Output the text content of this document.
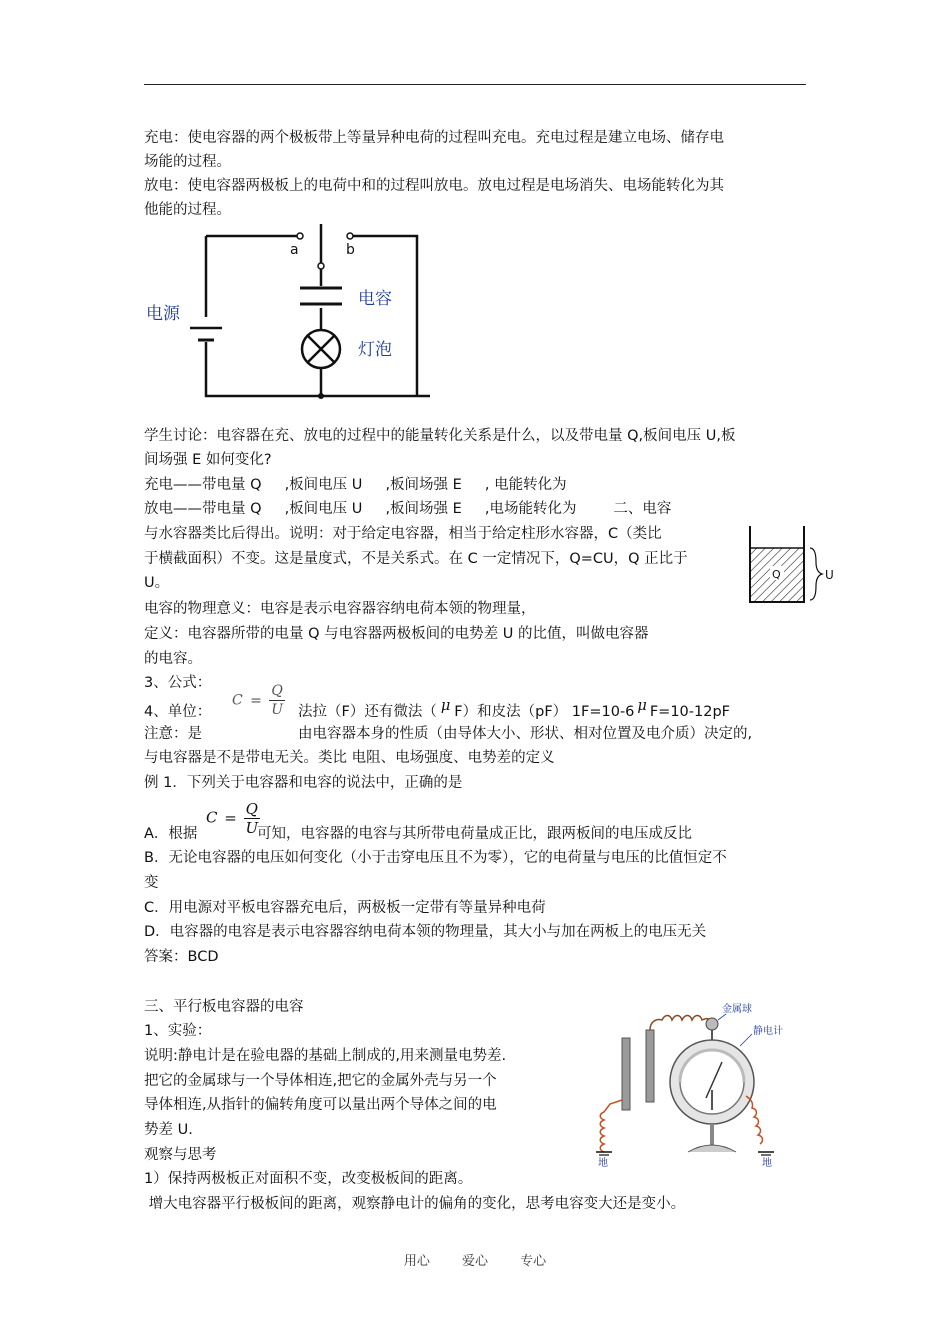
充电：使电容器的两个极板带上等量异种电荷的过程叫充电。充电过程是建立电场、储存电
场能的过程。
放电：使电容器两极板上的电荷中和的过程叫放电。放电过程是电场消失、电场能转化为其
他能的过程。
a	b
电源
电容
灯泡
学生讨论：电容器在充、放电的过程中的能量转化关系是什么，以及带电量 Q,板间电压 U,板
间场强 E 如何变化?
充电——带电量 Q     ,板间电压 U     ,板间场强 E     , 电能转化为
放电——带电量 Q     ,板间电压 U     ,板间场强 E     ,电场能转化为        二、电容
与水容器类比后得出。说明：对于给定电容器，相当于给定柱形水容器，C（类比
于横截面积）不变。这是量度式，不是关系式。在 C 一定情况下，Q=CU，Q 正比于
U。
Q	U
电容的物理意义：电容是表示电容器容纳电荷本领的物理量，
定义：电容器所带的电量 Q 与电容器两极板间的电势差 U 的比值，叫做电容器
的电容。
3、公式：
$C = \frac{Q}{U}$
4、单位：	法拉（F）还有微法（ μ F）和皮法（pF） 1F=10-6 μ F=10-12pF
注意：是	由电容器本身的性质（由导体大小、形状、相对位置及电介质）决定的,
与电容器是不是带电无关。类比 电阻、电场强度、电势差的定义
例 1．下列关于电容器和电容的说法中，正确的是
$C = \frac{Q}{U}$
A．根据	可知，电容器的电容与其所带电荷量成正比，跟两板间的电压成反比
B．无论电容器的电压如何变化（小于击穿电压且不为零），它的电荷量与电压的比值恒定不
变
C．用电源对平板电容器充电后，两极板一定带有等量异种电荷
D．电容器的电容是表示电容器容纳电荷本领的物理量，其大小与加在两板上的电压无关
答案：BCD
三、平行板电容器的电容
1、实验：
说明:静电计是在验电器的基础上制成的,用来测量电势差.
把它的金属球与一个导体相连,把它的金属外壳与另一个
导体相连,从指针的偏转角度可以量出两个导体之间的电
势差 U.
观察与思考
1）保持两极板正对面积不变，改变极板间的距离。
增大电容器平行极板间的距离，观察静电计的偏角的变化，思考电容变大还是变小。
地	地
金属球
静电计
用心 爱心 专心
